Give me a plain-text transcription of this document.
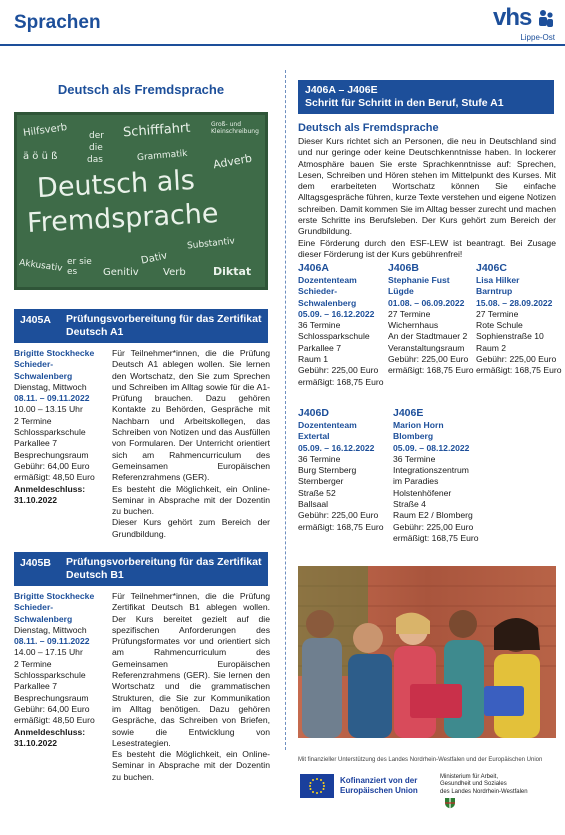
Sprachen	vhs
Lippe-Ost
Deutsch als Fremdsprache
Hilfsverb der
die
das
Schifffahrt	Groß- und Kleinschreibung
ä ö ü ß	Grammatik Adverb
Deutsch als
Fremdsprache
Substantiv
Akkusativ er sie es	Genitiv
Dativ
Verb Diktat
J405A Prüfungsvorbereitung für das Zertifikat Deutsch A1
Brigitte Stockhecke
Schieder-
Schwalenberg
Dienstag, Mittwoch
08.11. – 09.11.2022
10.00 – 13.15 Uhr
2 Termine
Schlossparkschule
Parkallee 7
Besprechungsraum
Gebühr: 64,00 Euro
ermäßigt: 48,50 Euro
Anmeldeschluss:
31.10.2022

Für Teilnehmer*innen, die die Prüfung Deutsch A1 ablegen wollen. Sie lernen den Wortschatz, den Sie zum Sprechen und Schreiben im Alltag sowie für die A1-Prüfung brauchen. Dazu gehören Kontakte zu Behörden, Gespräche mit Nachbarn und Arbeitskollegen, das Schreiben von Notizen und das Ausfüllen von Formularen. Der Unterricht orientiert sich am Rahmencurriculum des Gemeinsamen Europäischen Referenzrahmens (GER).

Es besteht die Möglichkeit, ein Online-Seminar in Absprache mit der Dozentin zu buchen.

Dieser Kurs gehört zum Bereich der Grundbildung.

J405B Prüfungsvorbereitung für das Zertifikat Deutsch B1
Brigitte Stockhecke
Schieder-
Schwalenberg
Dienstag, Mittwoch
08.11. – 09.11.2022
14.00 – 17.15 Uhr
2 Termine
Schlossparkschule
Parkallee 7
Besprechungsraum
Gebühr: 64,00 Euro
ermäßigt: 48,50 Euro
Anmeldeschluss:
31.10.2022

Für Teilnehmer*innen, die die Prüfung Zertifikat Deutsch B1 ablegen wollen. Der Kurs bereitet gezielt auf die spezifischen Anforderungen des Prüfungsformates vor und orientiert sich am Rahmencurriculum des Gemeinsamen Europäischen Referenzrahmens (GER). Sie lernen den Wortschatz und die grammatischen Strukturen, die Sie zur Kommunikation im Alltag benötigen. Dazu gehören Gespräche, das Schreiben von Briefen, sowie die Entwicklung von Lesestrategien.

Es besteht die Möglichkeit, ein Online-Seminar in Absprache mit der Dozentin zu buchen.

J406A – J406E
Schritt für Schritt in den Beruf, Stufe A1
Deutsch als Fremdsprache

Dieser Kurs richtet sich an Personen, die neu in Deutschland sind und nur geringe oder keine Deutschkenntnisse haben. In lockerer Atmosphäre bauen Sie erste Sprachkenntnisse auf: Sprechen, Lesen, Schreiben und Hören stehen im Mittelpunkt des Kurses. Mit dem erarbeiteten Wortschatz können Sie einfache Alltagsgespräche führen, kurze Texte verstehen und eigene Notizen schreiben. Damit kommen Sie im Alltag besser zurecht und machen erste Schritte ins Berufsleben. Der Kurs gehört zum Bereich der Grundbildung.

Eine Förderung durch den ESF-LEW ist beantragt. Bei Zusage dieser Förderung ist der Kurs gebührenfrei!

J406A
Dozententeam
Schieder-
Schwalenberg
05.09. – 16.12.2022
36 Termine
Schlossparkschule
Parkallee 7
Raum 1
Gebühr: 225,00 Euro
ermäßigt: 168,75 Euro
J406B
Stephanie Fust
Lügde
01.08. – 06.09.2022
27 Termine
Wichernhaus
An der Stadtmauer 2
Veranstaltungsraum
Gebühr: 225,00 Euro
ermäßigt: 168,75 Euro
J406C
Lisa Hilker
Barntrup
15.08. – 28.09.2022
27 Termine
Rote Schule
Sophienstraße 10
Raum 2
Gebühr: 225,00 Euro
ermäßigt: 168,75 Euro
J406D
Dozententeam
Extertal
05.09. – 16.12.2022
36 Termine
Burg Sternberg
Sternberger
Straße 52
Ballsaal
Gebühr: 225,00 Euro
ermäßigt: 168,75 Euro
J406E
Marion Horn
Blomberg
05.09. – 08.12.2022
36 Termine
Integrationszentrum
im Paradies
Holstenhöfener
Straße 4
Raum E2 / Blomberg
Gebühr: 225,00 Euro
ermäßigt: 168,75 Euro
Mit finanzieller Unterstützung des Landes Nordrhein-Westfalen und der Europäischen Union
Kofinanziert von der
Europäischen Union
Ministerium für Arbeit,
Gesundheit und Soziales
des Landes Nordrhein-Westfalen
